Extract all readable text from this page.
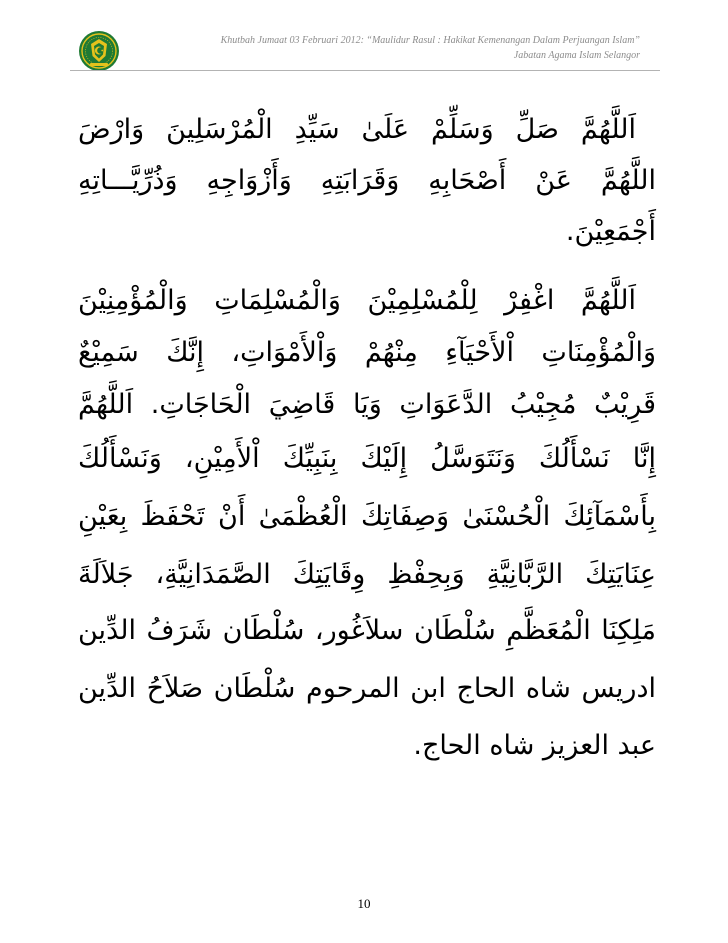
Khutbah Jumaat 03 Februari 2012: “Maulidur Rasul : Hakikat Kemenangan Dalam Perjuangan Islam”
Jabatan Agama Islam Selangor
اَللَّهُمَّ صَلِّ وَسَلِّمْ عَلَىٰ سَيِّدِ الْمُرْسَلِينَ وَارْضَ
اللَّهُمَّ عَنْ أَصْحَابِهِ وَقَرَابَتِهِ وَأَزْوَاجِهِ وَذُرِّيَّـــاتِهِ
أَجْمَعِيْنَ.
اَللَّهُمَّ اغْفِرْ لِلْمُسْلِمِيْنَ وَالْمُسْلِمَاتِ وَالْمُؤْمِنِيْنَ
وَالْمُؤْمِنَاتِ اْلأَحْيَآءِ مِنْهُمْ وَاْلأَمْوَاتِ، إِنَّكَ سَمِيْعٌ
قَرِيْبٌ مُجِيْبُ الدَّعَوَاتِ وَيَا قَاضِيَ الْحَاجَاتِ. اَللَّهُمَّ
إِنَّا نَسْأَلُكَ وَنَتَوَسَّلُ إِلَيْكَ بِنَبِيِّكَ اْلأَمِيْنِ، وَنَسْأَلُكَ
بِأَسْمَآئِكَ الْحُسْنَىٰ وَصِفَاتِكَ الْعُظْمَىٰ أَنْ تَحْفَظَ بِعَيْنِ
عِنَايَتِكَ الرَّبَّانِيَّةِ وَبِحِفْظِ وِقَايَتِكَ الصَّمَدَانِيَّةِ، جَلاَلَةَ
مَلِكِنَا الْمُعَظَّمِ سُلْطَان سلاَغُور، سُلْطَان شَرَفُ الدِّين
ادريس شاه الحاج ابن المرحوم سُلْطَان صَلاَحُ الدِّين
عبد العزيز شاه الحاج.
10
